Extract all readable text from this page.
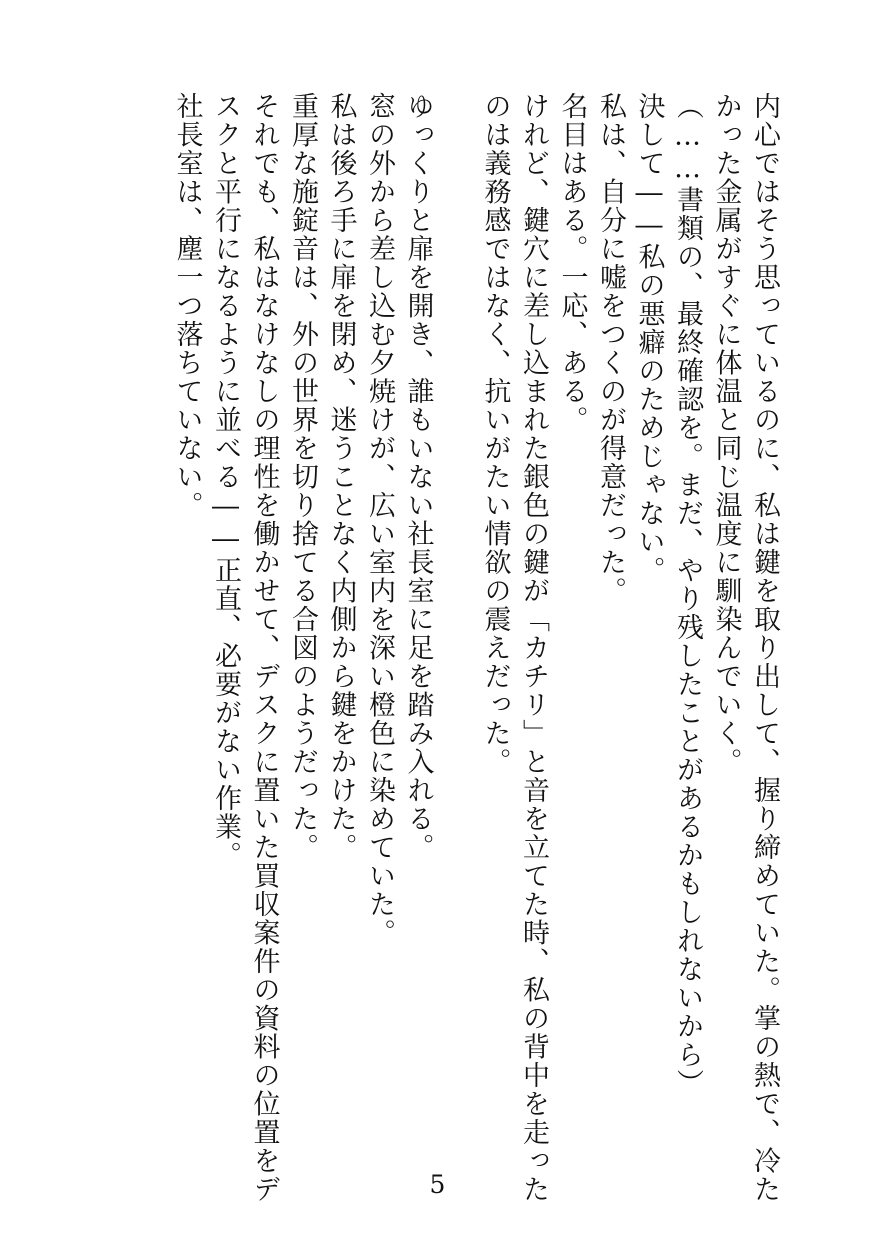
内心ではそう思っているのに、私は鍵を取り出して、握り締めていた。掌の熱で、冷た
かった金属がすぐに体温と同じ温度に馴染んでいく。
（……書類の、最終確認を。まだ、やり残したことがあるかもしれないから）
決して――私の悪癖のためじゃない。
私は、自分に嘘をつくのが得意だった。
名目はある。一応、ある。
けれど、鍵穴に差し込まれた銀色の鍵が「カチリ」と音を立てた時、私の背中を走った
のは義務感ではなく、抗いがたい情欲の震えだった。
ゆっくりと扉を開き、誰もいない社長室に足を踏み入れる。
窓の外から差し込む夕焼けが、広い室内を深い橙色に染めていた。
私は後ろ手に扉を閉め、迷うことなく内側から鍵をかけた。
重厚な施錠音は、外の世界を切り捨てる合図のようだった。
それでも、私はなけなしの理性を働かせて、デスクに置いた買収案件の資料の位置をデ
スクと平行になるように並べる――正直、必要がない作業。
社長室は、塵一つ落ちていない。
5
